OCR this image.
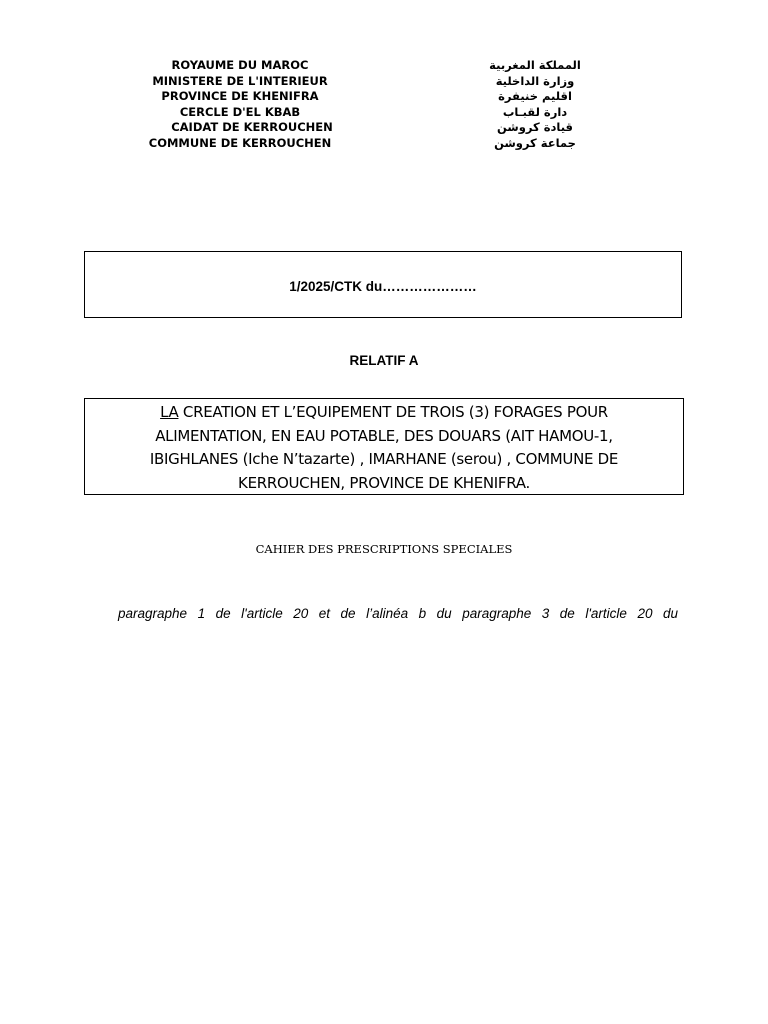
ROYAUME DU MAROC
MINISTERE DE L'INTERIEUR
PROVINCE DE KHENIFRA
CERCLE D'EL KBAB
CAIDAT DE KERROUCHEN
COMMUNE DE KERROUCHEN
المملكة المغربية
وزارة الداخلية
اقليم خنيفرة
دارة لقبـاب
قيادة كروشن
جماعة كروشن
1/2025/CTK du…………………
RELATIF A
LA CREATION ET L’EQUIPEMENT DE TROIS (3) FORAGES POUR
ALIMENTATION, EN EAU POTABLE, DES DOUARS (AIT HAMOU-1,
IBIGHLANES (Iche N’tazarte) , IMARHANE (serou) , COMMUNE DE
KERROUCHEN, PROVINCE DE KHENIFRA.
CAHIER DES PRESCRIPTIONS SPECIALES
paragraphe 1 de l'article 20 et de l’alinéa b du paragraphe 3 de l'article 20 du
